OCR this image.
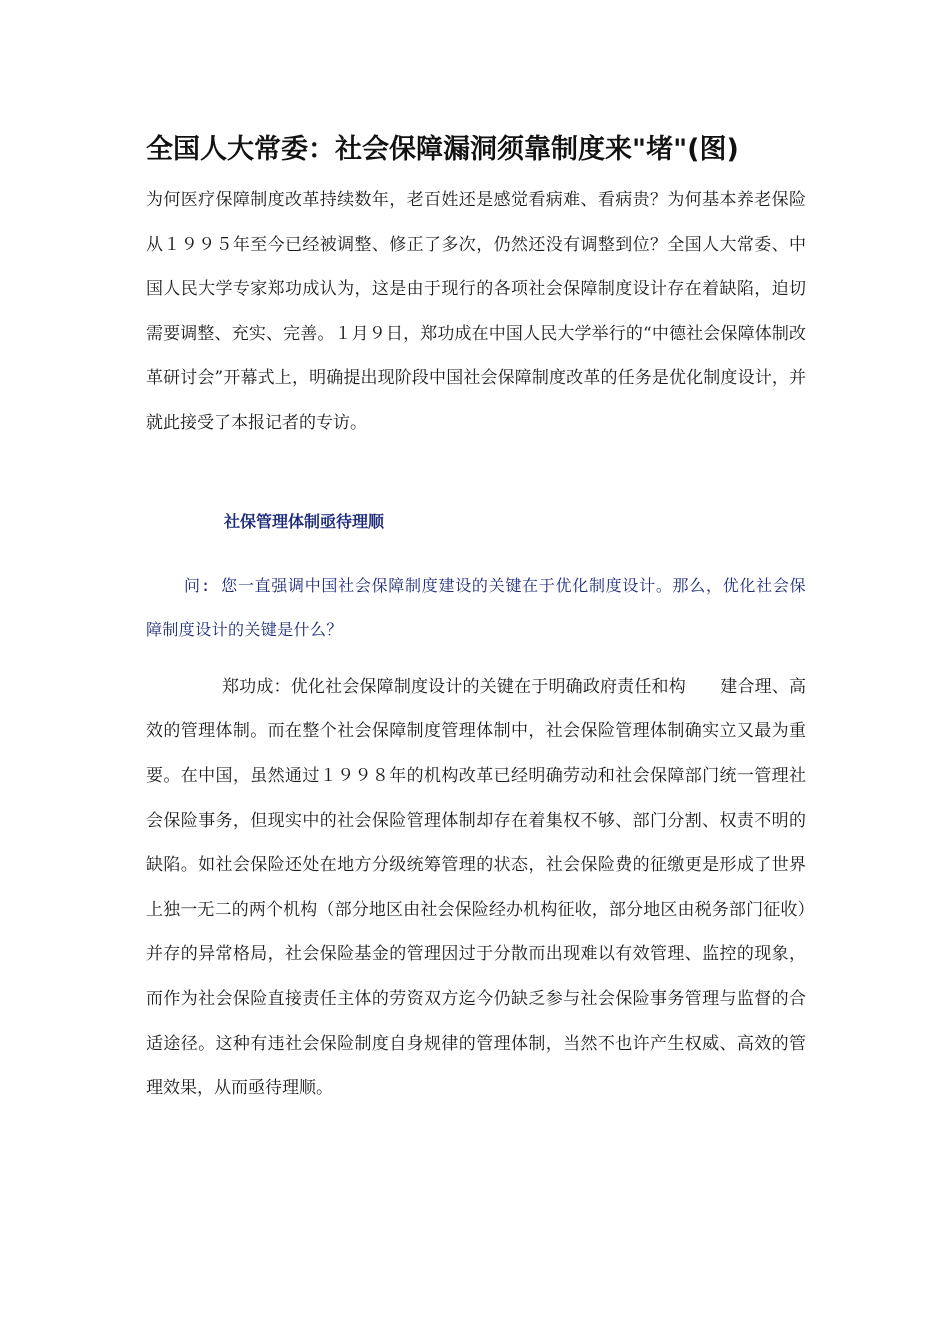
全国人大常委：社会保障漏洞须靠制度来"堵"(图)

为何医疗保障制度改革持续数年，老百姓还是感觉看病难、看病贵？为何基本养老保险从１９９５年至今已经被调整、修正了多次，仍然还没有调整到位？全国人大常委、中国人民大学专家郑功成认为，这是由于现行的各项社会保障制度设计存在着缺陷，迫切需要调整、充实、完善。１月９日，郑功成在中国人民大学举行的“中德社会保障体制改革研讨会”开幕式上，明确提出现阶段中国社会保障制度改革的任务是优化制度设计，并就此接受了本报记者的专访。

社保管理体制亟待理顺

问: 您一直强调中国社会保障制度建设的关键在于优化制度设计。那么，优化社会保障制度设计的关键是什么？

郑功成：优化社会保障制度设计的关键在于明确政府责任和构　　建合理、高效的管理体制。而在整个社会保障制度管理体制中，社会保险管理体制确实立又最为重要。在中国，虽然通过１９９８年的机构改革已经明确劳动和社会保障部门统一管理社会保险事务，但现实中的社会保险管理体制却存在着集权不够、部门分割、权责不明的缺陷。如社会保险还处在地方分级统筹管理的状态，社会保险费的征缴更是形成了世界上独一无二的两个机构（部分地区由社会保险经办机构征收，部分地区由税务部门征收）并存的异常格局，社会保险基金的管理因过于分散而出现难以有效管理、监控的现象，而作为社会保险直接责任主体的劳资双方迄今仍缺乏参与社会保险事务管理与监督的合适途径。这种有违社会保险制度自身规律的管理体制，当然不也许产生权威、高效的管理效果，从而亟待理顺。
